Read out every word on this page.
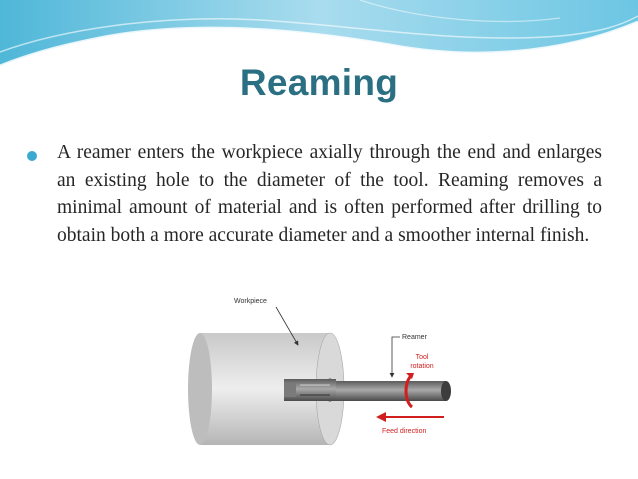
Reaming
A reamer enters the workpiece axially through the end and enlarges an existing hole to the diameter of the tool. Reaming removes a minimal amount of material and is often performed after drilling to obtain both a more accurate diameter and a smoother internal finish.
Workpiece
Reamer
Tool
rotation
Feed direction
